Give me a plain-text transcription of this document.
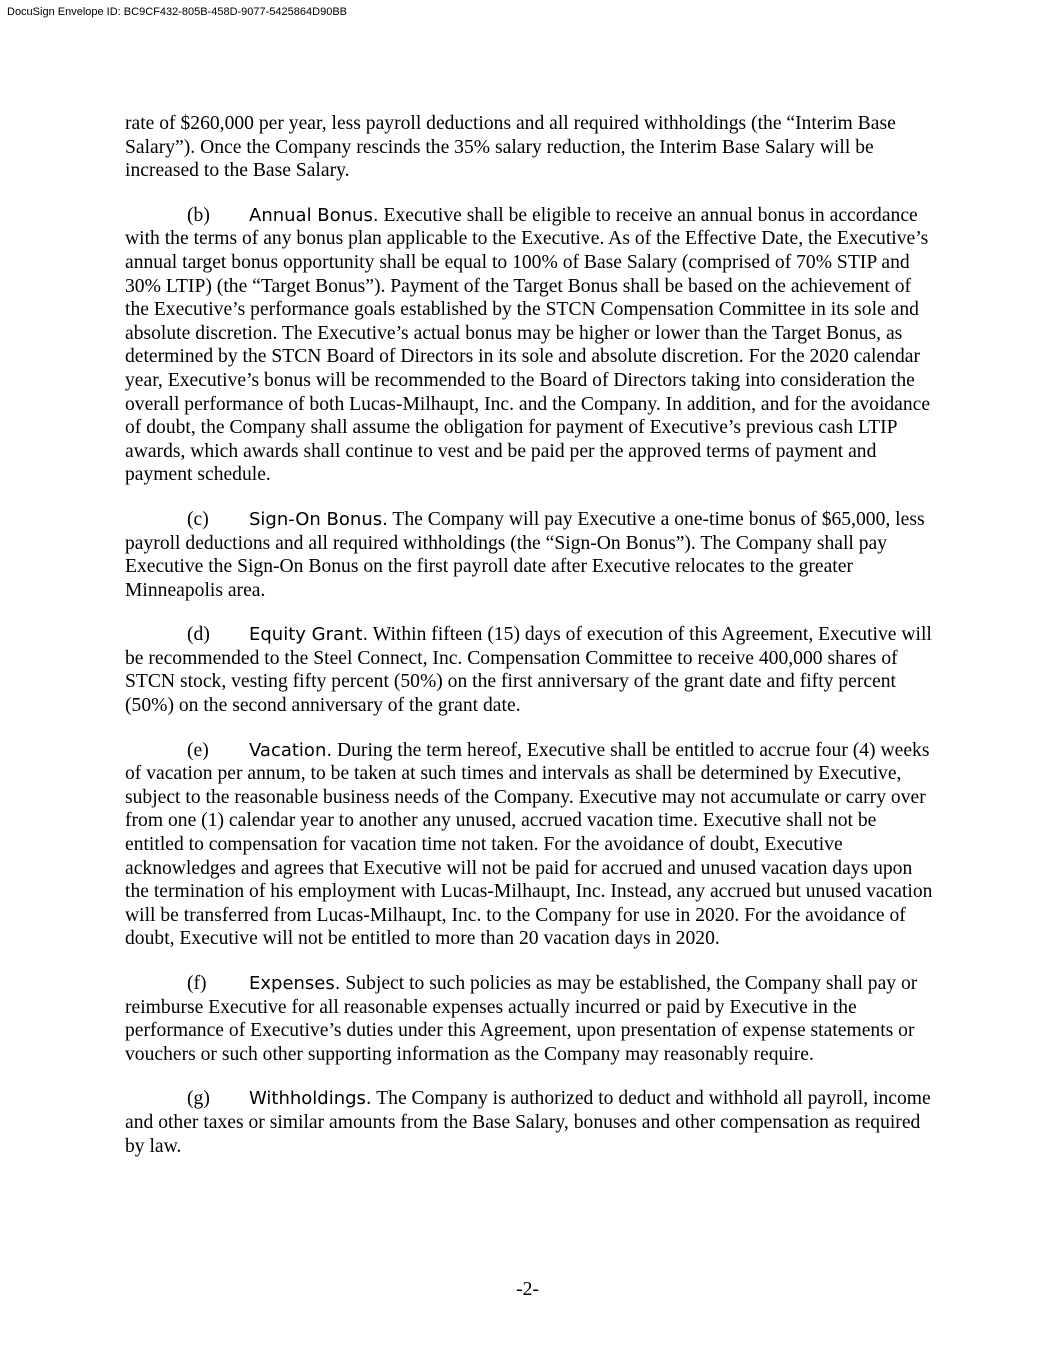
DocuSign Envelope ID: BC9CF432-805B-458D-9077-5425864D90BB

rate of $260,000 per year, less payroll deductions and all required withholdings (the “Interim Base Salary”). Once the Company rescinds the 35% salary reduction, the Interim Base Salary will be increased to the Base Salary.

(b) Annual Bonus. Executive shall be eligible to receive an annual bonus in accordance with the terms of any bonus plan applicable to the Executive. As of the Effective Date, the Executive’s annual target bonus opportunity shall be equal to 100% of Base Salary (comprised of 70% STIP and 30% LTIP) (the “Target Bonus”). Payment of the Target Bonus shall be based on the achievement of the Executive’s performance goals established by the STCN Compensation Committee in its sole and absolute discretion. The Executive’s actual bonus may be higher or lower than the Target Bonus, as determined by the STCN Board of Directors in its sole and absolute discretion. For the 2020 calendar year, Executive’s bonus will be recommended to the Board of Directors taking into consideration the overall performance of both Lucas-Milhaupt, Inc. and the Company. In addition, and for the avoidance of doubt, the Company shall assume the obligation for payment of Executive’s previous cash LTIP awards, which awards shall continue to vest and be paid per the approved terms of payment and payment schedule.

(c) Sign-On Bonus. The Company will pay Executive a one-time bonus of $65,000, less payroll deductions and all required withholdings (the “Sign-On Bonus”). The Company shall pay Executive the Sign-On Bonus on the first payroll date after Executive relocates to the greater Minneapolis area.

(d) Equity Grant. Within fifteen (15) days of execution of this Agreement, Executive will be recommended to the Steel Connect, Inc. Compensation Committee to receive 400,000 shares of STCN stock, vesting fifty percent (50%) on the first anniversary of the grant date and fifty percent (50%) on the second anniversary of the grant date.

(e) Vacation. During the term hereof, Executive shall be entitled to accrue four (4) weeks of vacation per annum, to be taken at such times and intervals as shall be determined by Executive, subject to the reasonable business needs of the Company. Executive may not accumulate or carry over from one (1) calendar year to another any unused, accrued vacation time. Executive shall not be entitled to compensation for vacation time not taken. For the avoidance of doubt, Executive acknowledges and agrees that Executive will not be paid for accrued and unused vacation days upon the termination of his employment with Lucas-Milhaupt, Inc. Instead, any accrued but unused vacation will be transferred from Lucas-Milhaupt, Inc. to the Company for use in 2020. For the avoidance of doubt, Executive will not be entitled to more than 20 vacation days in 2020.

(f) Expenses. Subject to such policies as may be established, the Company shall pay or reimburse Executive for all reasonable expenses actually incurred or paid by Executive in the performance of Executive’s duties under this Agreement, upon presentation of expense statements or vouchers or such other supporting information as the Company may reasonably require.

(g) Withholdings. The Company is authorized to deduct and withhold all payroll, income and other taxes or similar amounts from the Base Salary, bonuses and other compensation as required by law.

-2-
